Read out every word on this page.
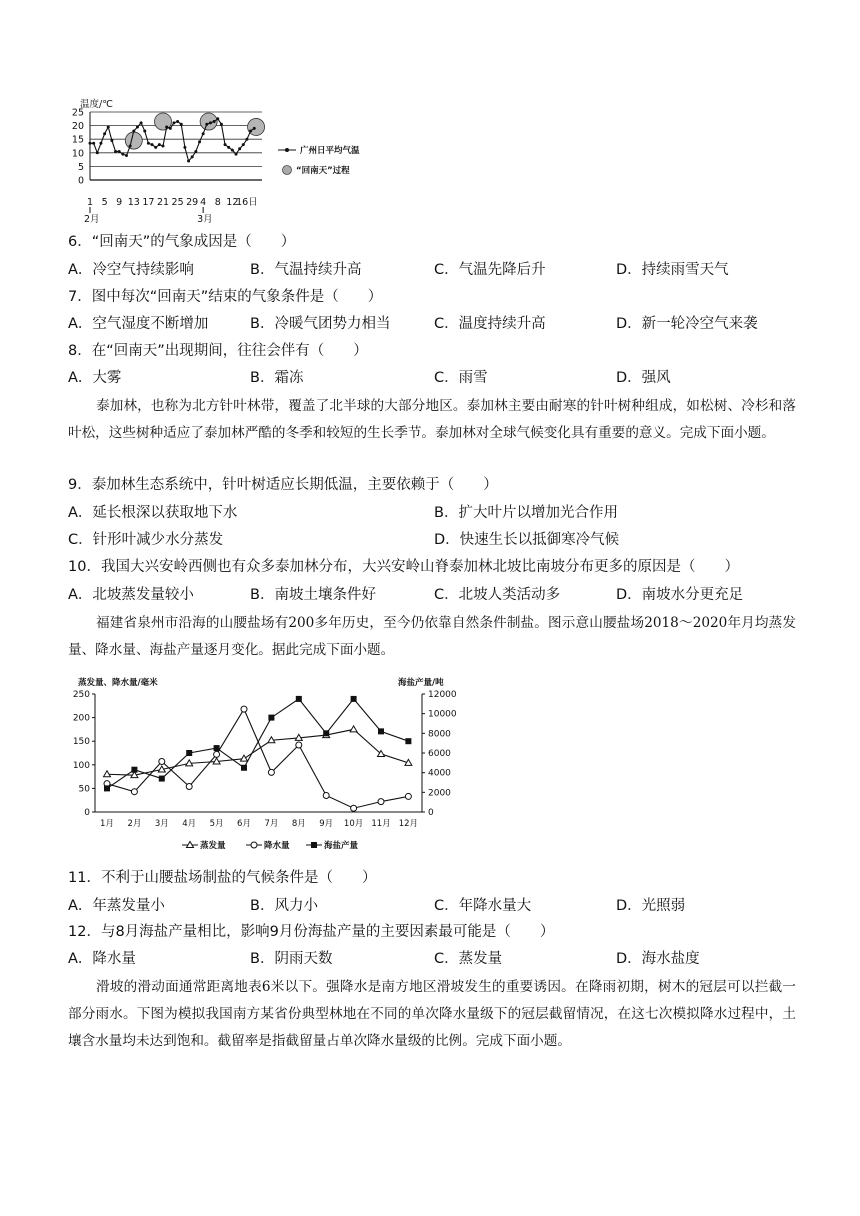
温度/℃
0
5
10
15
20
25
1 5 9 13 17 21 25 29 4 8 12
16日
2月	3月
广州日平均气温
“回南天”过程
6．“回南天”的气象成因是（　　）
A．冷空气持续影响	B．气温持续升高	C．气温先降后升	D．持续雨雪天气
7．图中每次“回南天”结束的气象条件是（　　）
A．空气湿度不断增加	B．冷暖气团势力相当	C．温度持续升高	D．新一轮冷空气来袭
8．在“回南天”出现期间，往往会伴有（　　）
A．大雾	B．霜冻	C．雨雪	D．强风
泰加林，也称为北方针叶林带，覆盖了北半球的大部分地区。泰加林主要由耐寒的针叶树种组成，如松树、冷杉和落叶松，这些树种适应了泰加林严酷的冬季和较短的生长季节。泰加林对全球气候变化具有重要的意义。完成下面小题。
9．泰加林生态系统中，针叶树适应长期低温，主要依赖于（　　）
A．延长根深以获取地下水	B．扩大叶片以增加光合作用
C．针形叶减少水分蒸发	D．快速生长以抵御寒冷气候
10．我国大兴安岭西侧也有众多泰加林分布，大兴安岭山脊泰加林北坡比南坡分布更多的原因是（　　）
A．北坡蒸发量较小	B．南坡土壤条件好	C．北坡人类活动多	D．南坡水分更充足
福建省泉州市沿海的山腰盐场有200多年历史，至今仍依靠自然条件制盐。图示意山腰盐场2018～2020年月均蒸发量、降水量、海盐产量逐月变化。据此完成下面小题。
蒸发量、降水量/毫米	海盐产量/吨
0
50
100
150
200
250
0
2000
4000
6000
8000
10000
12000
1月 2月 3月 4月 5月 6月 7月 8月 9月 10月 11月 12月
蒸发量	降水量	海盐产量
11．不利于山腰盐场制盐的气候条件是（　　）
A．年蒸发量小	B．风力小	C．年降水量大	D．光照弱
12．与8月海盐产量相比，影响9月份海盐产量的主要因素最可能是（　　）
A．降水量	B．阴雨天数	C．蒸发量	D．海水盐度
滑坡的滑动面通常距离地表6米以下。强降水是南方地区滑坡发生的重要诱因。在降雨初期，树木的冠层可以拦截一部分雨水。下图为模拟我国南方某省份典型林地在不同的单次降水量级下的冠层截留情况，在这七次模拟降水过程中，土壤含水量均未达到饱和。截留率是指截留量占单次降水量级的比例。完成下面小题。
